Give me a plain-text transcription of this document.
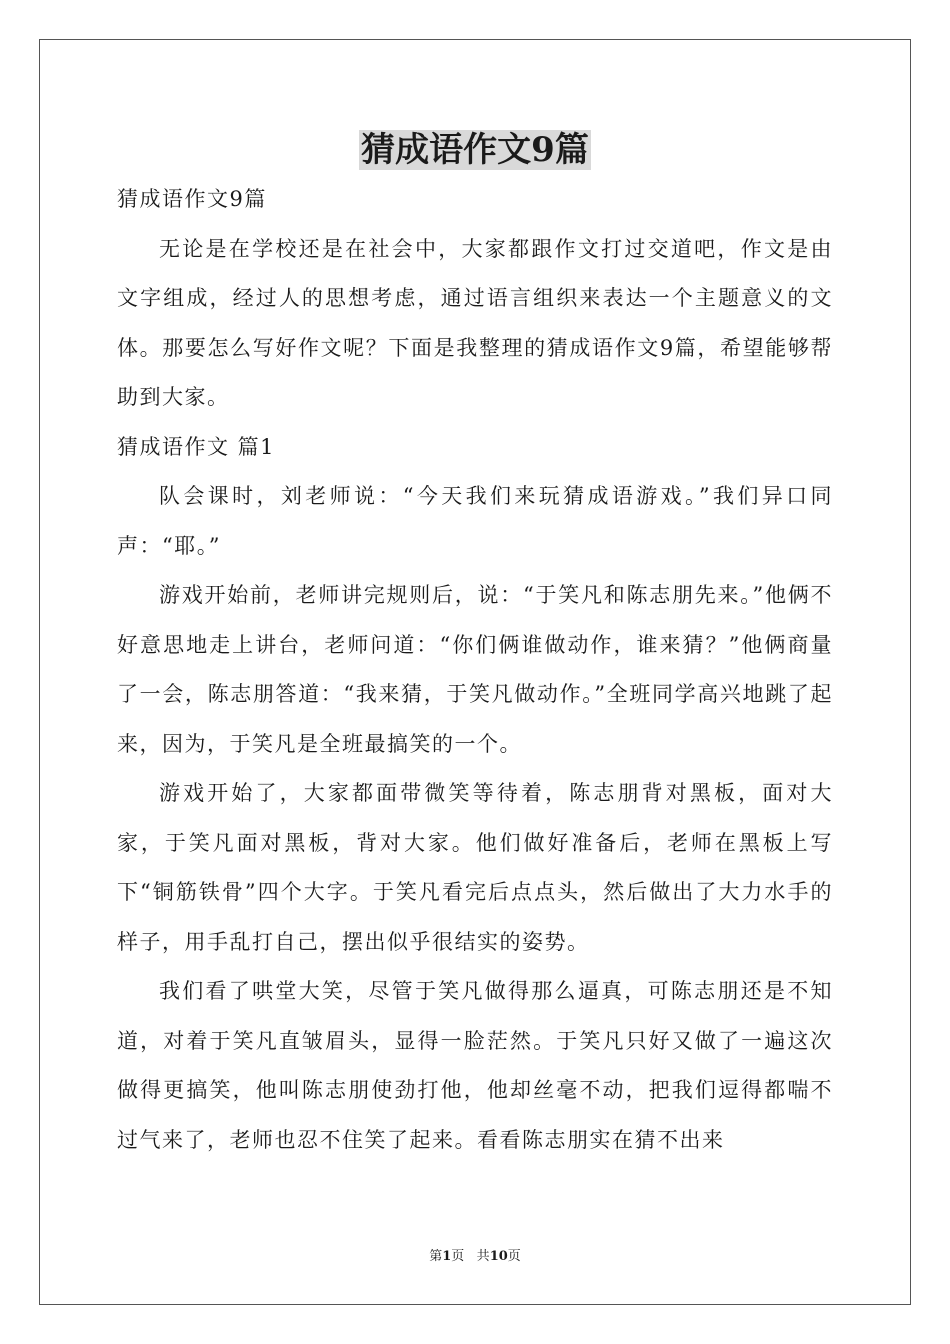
猜成语作文9篇

猜成语作文9篇

无论是在学校还是在社会中，大家都跟作文打过交道吧，作文是由文字组成，经过人的思想考虑，通过语言组织来表达一个主题意义的文体。那要怎么写好作文呢？下面是我整理的猜成语作文9篇，希望能够帮助到大家。

猜成语作文 篇1

队会课时，刘老师说：“今天我们来玩猜成语游戏。”我们异口同声：“耶。”

游戏开始前，老师讲完规则后，说：“于笑凡和陈志朋先来。”他俩不好意思地走上讲台，老师问道：“你们俩谁做动作，谁来猜？”他俩商量了一会，陈志朋答道：“我来猜，于笑凡做动作。”全班同学高兴地跳了起来，因为，于笑凡是全班最搞笑的一个。

游戏开始了，大家都面带微笑等待着，陈志朋背对黑板，面对大家，于笑凡面对黑板，背对大家。他们做好准备后，老师在黑板上写下“铜筋铁骨”四个大字。于笑凡看完后点点头，然后做出了大力水手的样子，用手乱打自己，摆出似乎很结实的姿势。

我们看了哄堂大笑，尽管于笑凡做得那么逼真，可陈志朋还是不知道，对着于笑凡直皱眉头，显得一脸茫然。于笑凡只好又做了一遍这次做得更搞笑，他叫陈志朋使劲打他，他却丝毫不动，把我们逗得都喘不过气来了，老师也忍不住笑了起来。看看陈志朋实在猜不出来

第1页 共10页
